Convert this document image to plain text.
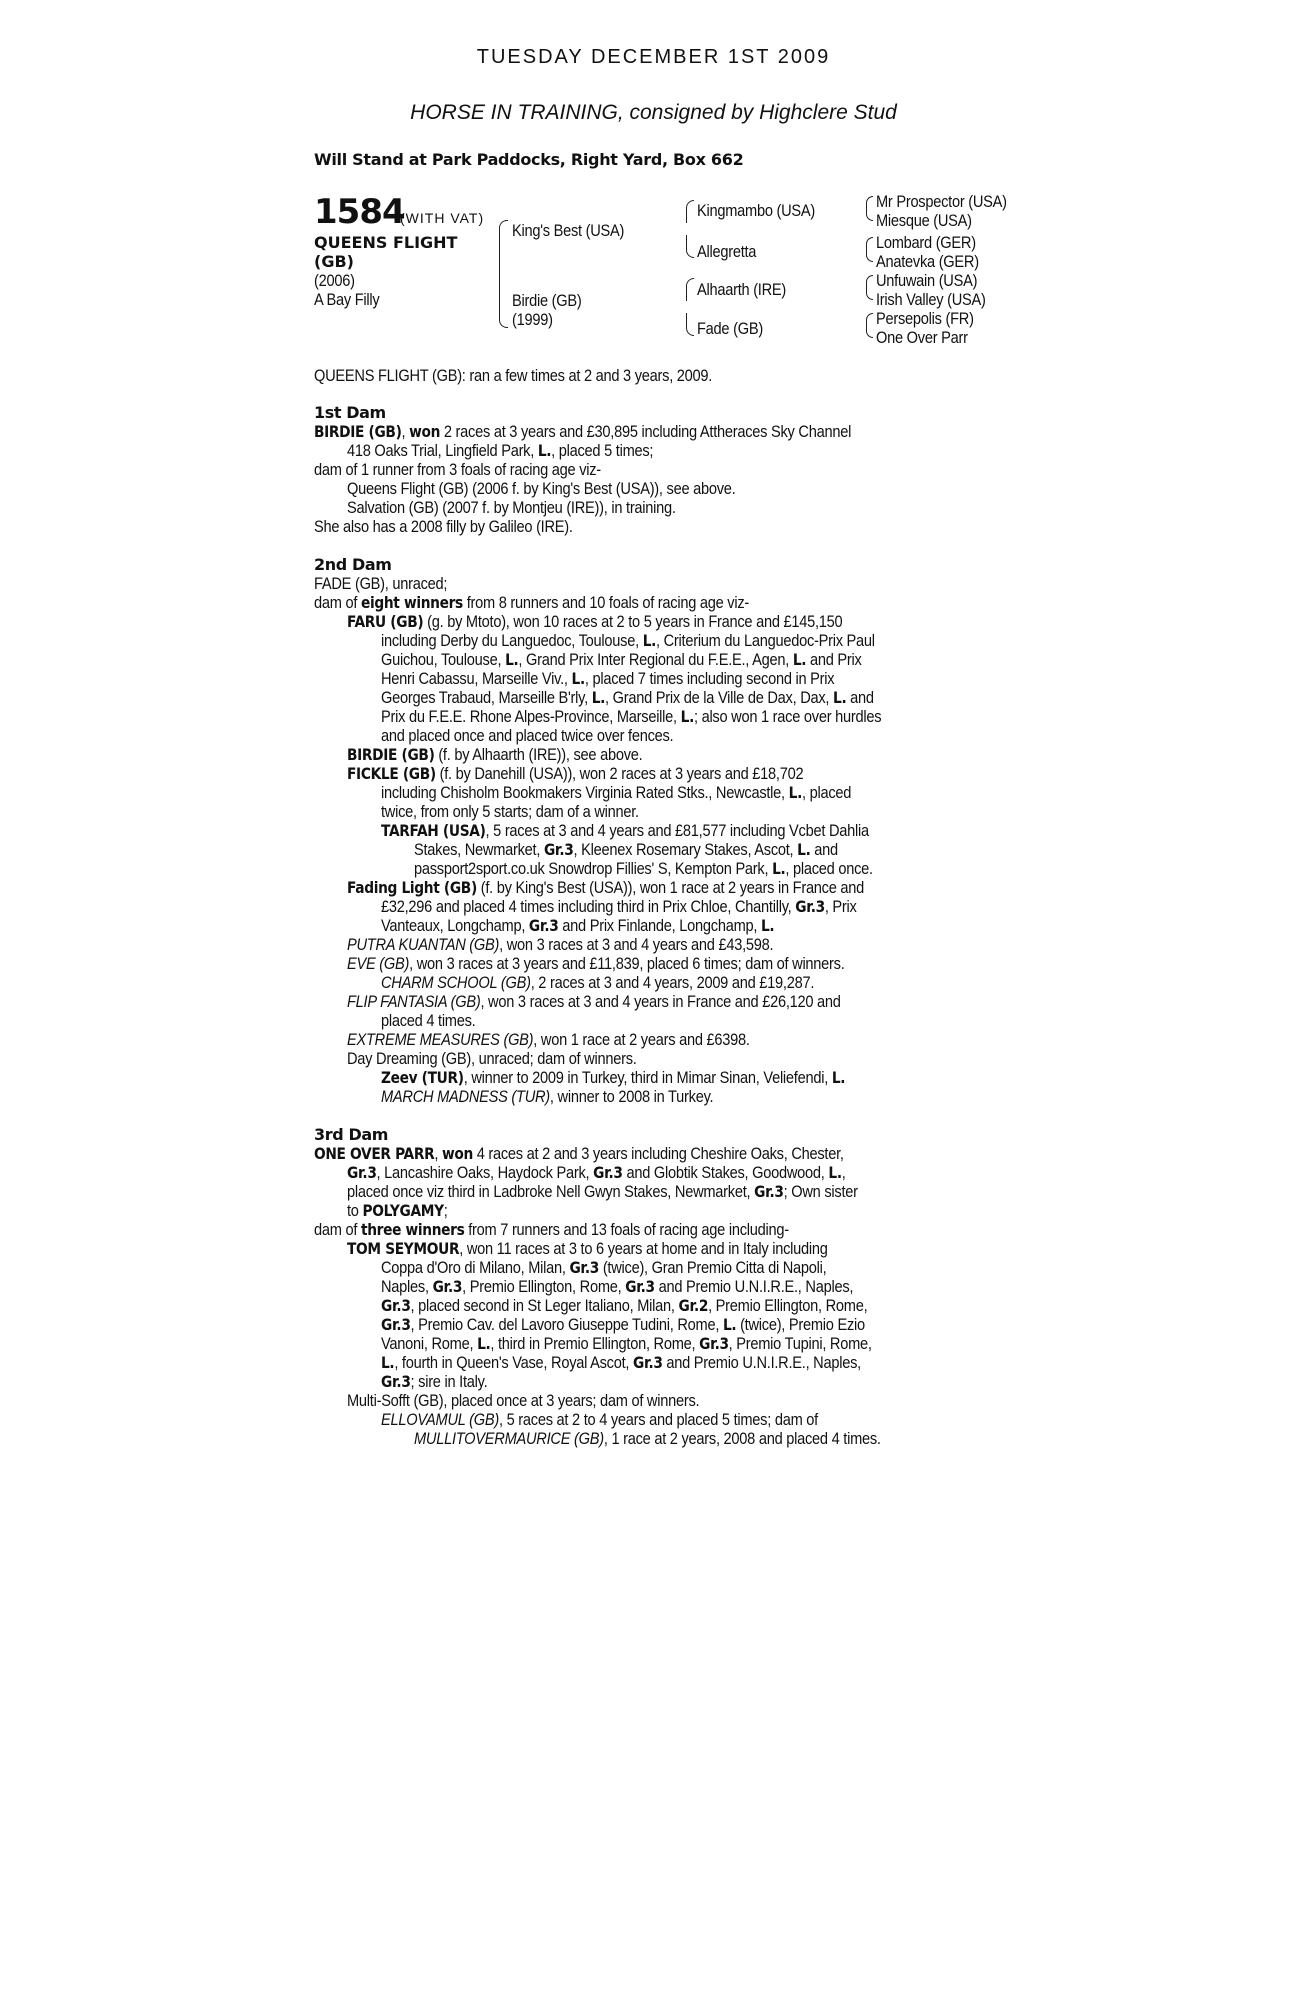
TUESDAY DECEMBER 1ST 2009
HORSE IN TRAINING, consigned by Highclere Stud
Will Stand at Park Paddocks, Right Yard, Box 662
1584
(WITH VAT)
QUEENS FLIGHT
(GB)
(2006)
A Bay Filly
King's Best (USA)
Birdie (GB)
(1999)
Kingmambo (USA)
Allegretta
Alhaarth (IRE)
Fade (GB)
Mr Prospector (USA)
Miesque (USA)
Lombard (GER)
Anatevka (GER)
Unfuwain (USA)
Irish Valley (USA)
Persepolis (FR)
One Over Parr
QUEENS FLIGHT (GB): ran a few times at 2 and 3 years, 2009.
1st Dam
BIRDIE (GB), won 2 races at 3 years and £30,895 including Attheraces Sky Channel
418 Oaks Trial, Lingfield Park, L., placed 5 times;
dam of 1 runner from 3 foals of racing age viz-
Queens Flight (GB) (2006 f. by King's Best (USA)), see above.
Salvation (GB) (2007 f. by Montjeu (IRE)), in training.
She also has a 2008 filly by Galileo (IRE).
2nd Dam
FADE (GB), unraced;
dam of eight winners from 8 runners and 10 foals of racing age viz-
FARU (GB) (g. by Mtoto), won 10 races at 2 to 5 years in France and £145,150
including Derby du Languedoc, Toulouse, L., Criterium du Languedoc-Prix Paul
Guichou, Toulouse, L., Grand Prix Inter Regional du F.E.E., Agen, L. and Prix
Henri Cabassu, Marseille Viv., L., placed 7 times including second in Prix
Georges Trabaud, Marseille B'rly, L., Grand Prix de la Ville de Dax, Dax, L. and
Prix du F.E.E. Rhone Alpes-Province, Marseille, L.; also won 1 race over hurdles
and placed once and placed twice over fences.
BIRDIE (GB) (f. by Alhaarth (IRE)), see above.
FICKLE (GB) (f. by Danehill (USA)), won 2 races at 3 years and £18,702
including Chisholm Bookmakers Virginia Rated Stks., Newcastle, L., placed
twice, from only 5 starts; dam of a winner.
TARFAH (USA), 5 races at 3 and 4 years and £81,577 including Vcbet Dahlia
Stakes, Newmarket, Gr.3, Kleenex Rosemary Stakes, Ascot, L. and
passport2sport.co.uk Snowdrop Fillies' S, Kempton Park, L., placed once.
Fading Light (GB) (f. by King's Best (USA)), won 1 race at 2 years in France and
£32,296 and placed 4 times including third in Prix Chloe, Chantilly, Gr.3, Prix
Vanteaux, Longchamp, Gr.3 and Prix Finlande, Longchamp, L.
PUTRA KUANTAN (GB), won 3 races at 3 and 4 years and £43,598.
EVE (GB), won 3 races at 3 years and £11,839, placed 6 times; dam of winners.
CHARM SCHOOL (GB), 2 races at 3 and 4 years, 2009 and £19,287.
FLIP FANTASIA (GB), won 3 races at 3 and 4 years in France and £26,120 and
placed 4 times.
EXTREME MEASURES (GB), won 1 race at 2 years and £6398.
Day Dreaming (GB), unraced; dam of winners.
Zeev (TUR), winner to 2009 in Turkey, third in Mimar Sinan, Veliefendi, L.
MARCH MADNESS (TUR), winner to 2008 in Turkey.
3rd Dam
ONE OVER PARR, won 4 races at 2 and 3 years including Cheshire Oaks, Chester,
Gr.3, Lancashire Oaks, Haydock Park, Gr.3 and Globtik Stakes, Goodwood, L.,
placed once viz third in Ladbroke Nell Gwyn Stakes, Newmarket, Gr.3; Own sister
to POLYGAMY;
dam of three winners from 7 runners and 13 foals of racing age including-
TOM SEYMOUR, won 11 races at 3 to 6 years at home and in Italy including
Coppa d'Oro di Milano, Milan, Gr.3 (twice), Gran Premio Citta di Napoli,
Naples, Gr.3, Premio Ellington, Rome, Gr.3 and Premio U.N.I.R.E., Naples,
Gr.3, placed second in St Leger Italiano, Milan, Gr.2, Premio Ellington, Rome,
Gr.3, Premio Cav. del Lavoro Giuseppe Tudini, Rome, L. (twice), Premio Ezio
Vanoni, Rome, L., third in Premio Ellington, Rome, Gr.3, Premio Tupini, Rome,
L., fourth in Queen's Vase, Royal Ascot, Gr.3 and Premio U.N.I.R.E., Naples,
Gr.3; sire in Italy.
Multi-Sofft (GB), placed once at 3 years; dam of winners.
ELLOVAMUL (GB), 5 races at 2 to 4 years and placed 5 times; dam of
MULLITOVERMAURICE (GB), 1 race at 2 years, 2008 and placed 4 times.
